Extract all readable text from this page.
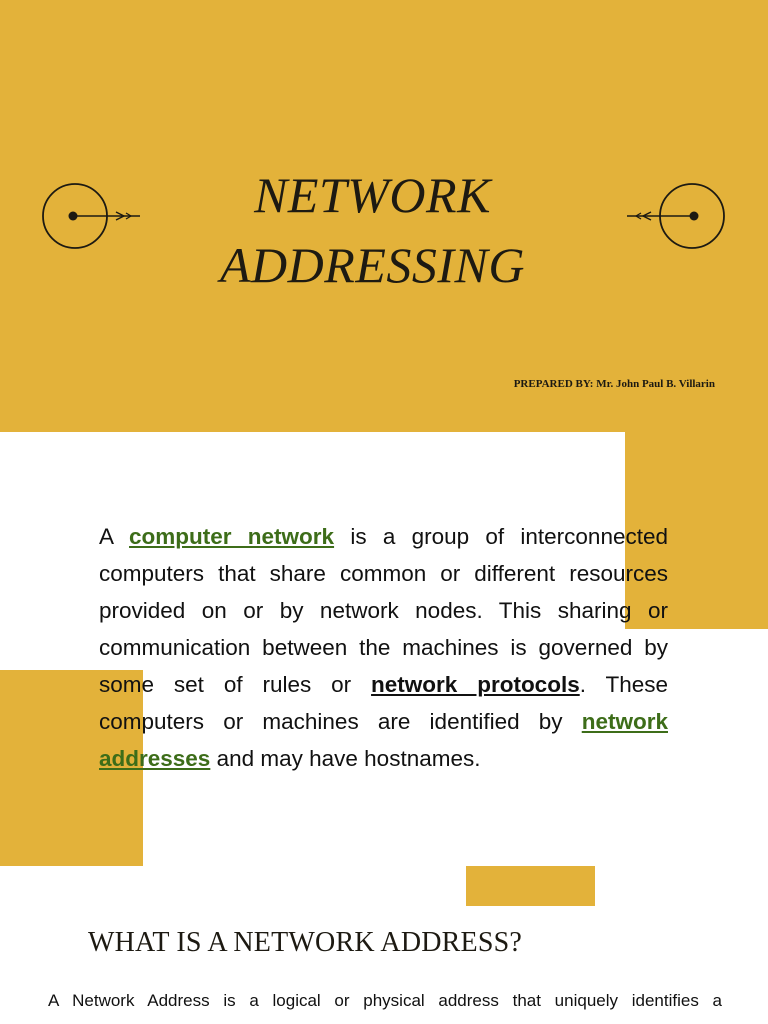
NETWORK
ADDRESSING
PREPARED BY: Mr. John Paul B. Villarin

A computer network is a group of interconnected computers that share common or different resources provided on or by network nodes. This sharing or communication between the machines is governed by some set of rules or network protocols. These computers or machines are identified by network addresses and may have hostnames.

WHAT IS A NETWORK ADDRESS?
A Network Address is a logical or physical address that uniquely identifies a
